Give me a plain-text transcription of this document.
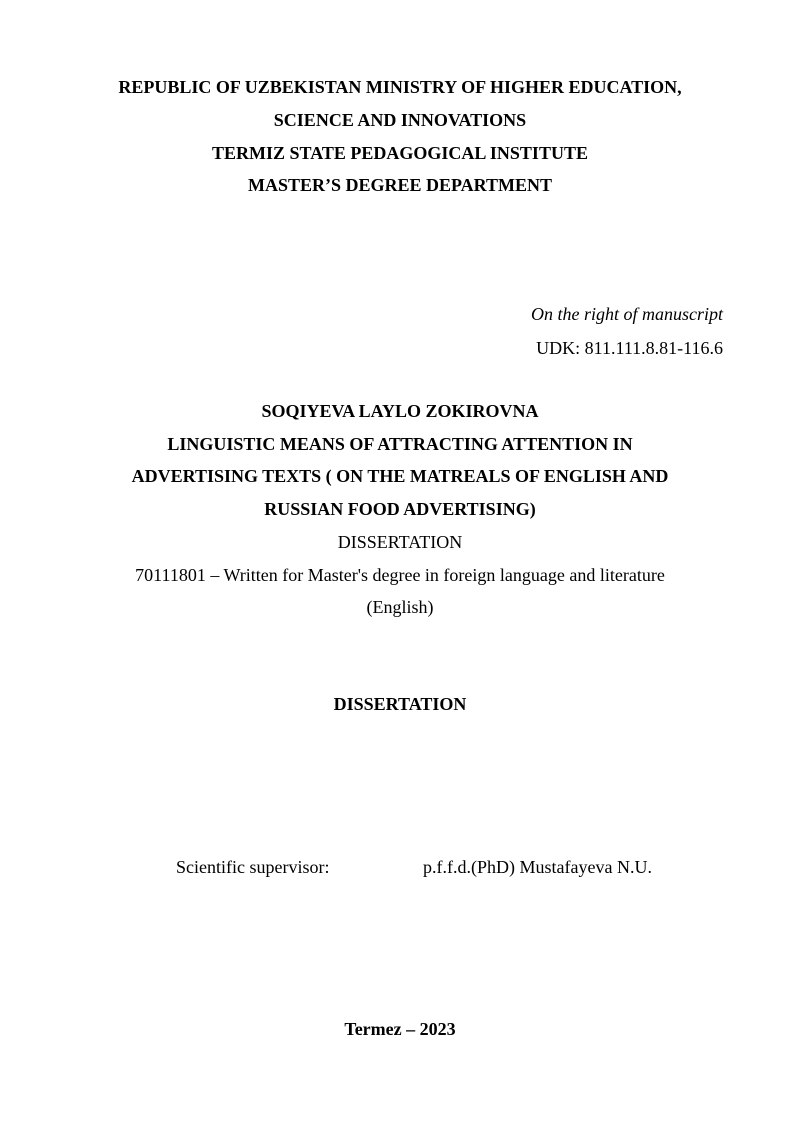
REPUBLIC OF UZBEKISTAN MINISTRY OF HIGHER EDUCATION,
SCIENCE AND INNOVATIONS
TERMIZ STATE PEDAGOGICAL INSTITUTE
MASTER’S DEGREE DEPARTMENT
On the right of manuscript
UDK: 811.111.8.81-116.6
SOQIYEVA LAYLO ZOKIROVNA
LINGUISTIC MEANS OF ATTRACTING ATTENTION IN
ADVERTISING TEXTS ( ON THE MATREALS OF ENGLISH AND
RUSSIAN FOOD ADVERTISING)
DISSERTATION
70111801 – Written for Master's degree in foreign language and literature
(English)
DISSERTATION
Scientific supervisor:	p.f.f.d.(PhD) Mustafayeva N.U.
Termez – 2023
